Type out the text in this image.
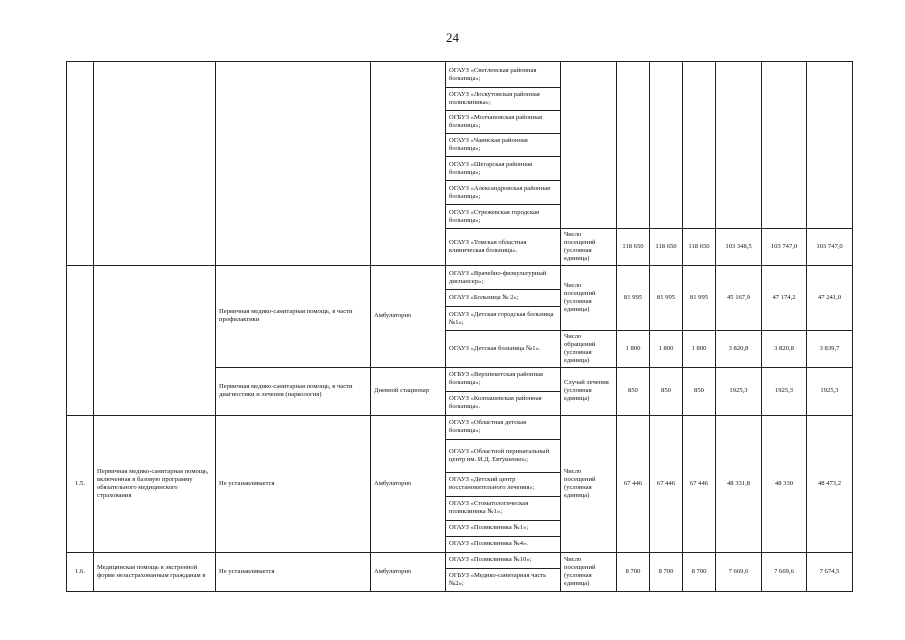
24
				ОГАУЗ «Светленская районная больница»;							
				ОГАУЗ «Лоскутовская районная поликлиника»;							
				ОГБУЗ «Молчановская районная больница»;							
				ОГАУЗ «Чаинская районная больница»;							
				ОГАУЗ «Шегарская районная больница»;							
				ОГАУЗ «Александровская районная больница»;							
				ОГАУЗ «Стрежевская городская больница»;							
				ОГАУЗ «Томская областная клиническая больница».	Число посещений (условная единица)	118 650	118 650	118 650	103 348,5	103 747,0	103 747,0
		Первичная медико-санитарная помощь, в части профилактики	Амбулаторно	ОГАУЗ «Врачебно-физкультурный диспансер»;	Число посещений (условная единица)	81 995	81 995	81 995	45 167,9	47 174,2	47 241,0
				ОГАУЗ «Больница № 2»;							
				ОГАУЗ «Детская городская больница №1»;							
				ОГАУЗ «Детская больница №1».	Число обращений (условная единица)	1 800	1 800	1 800	3 820,8	3 820,8	3 839,7
		Первичная медико-санитарная помощь, в части диагностики и лечения (наркология)	Дневной стационар	ОГБУЗ «Верхнекетская районная больница»;	Случай лечения (условная единица)	850	850	850	1925,3	1925,3	1925,3
				ОГАУЗ «Колпашевская районная больница».							
1.5.	Первичная медико-санитарная помощь, включенная в базовую программу обязательного медицинского страхования	Не устанавливается	Амбулаторно	ОГАУЗ «Областная детская больница»;	Число посещений (условная единица)	67 446	67 446	67 446	48 331,8	48 330	48 473,2
				ОГАУЗ «Областной перинатальный центр им. И.Д. Евтушенко»;							
				ОГАУЗ «Детский центр восстановительного лечения»;							
				ОГАУЗ «Стоматологическая поликлиника №1»;							
				ОГАУЗ «Поликлиника №1»;							
				ОГАУЗ «Поликлиника №4».							
1.6.	Медицинская помощь в экстренной форме незастрахованным гражданам в	Не устанавливается	Амбулаторно	ОГАУЗ «Поликлиника №10»;	Число посещений (условная единица)	8 700	8 700	8 700	7 669,6	7 669,6	7 674,5
				ОГБУЗ «Медико-санитарная часть №2»;							
